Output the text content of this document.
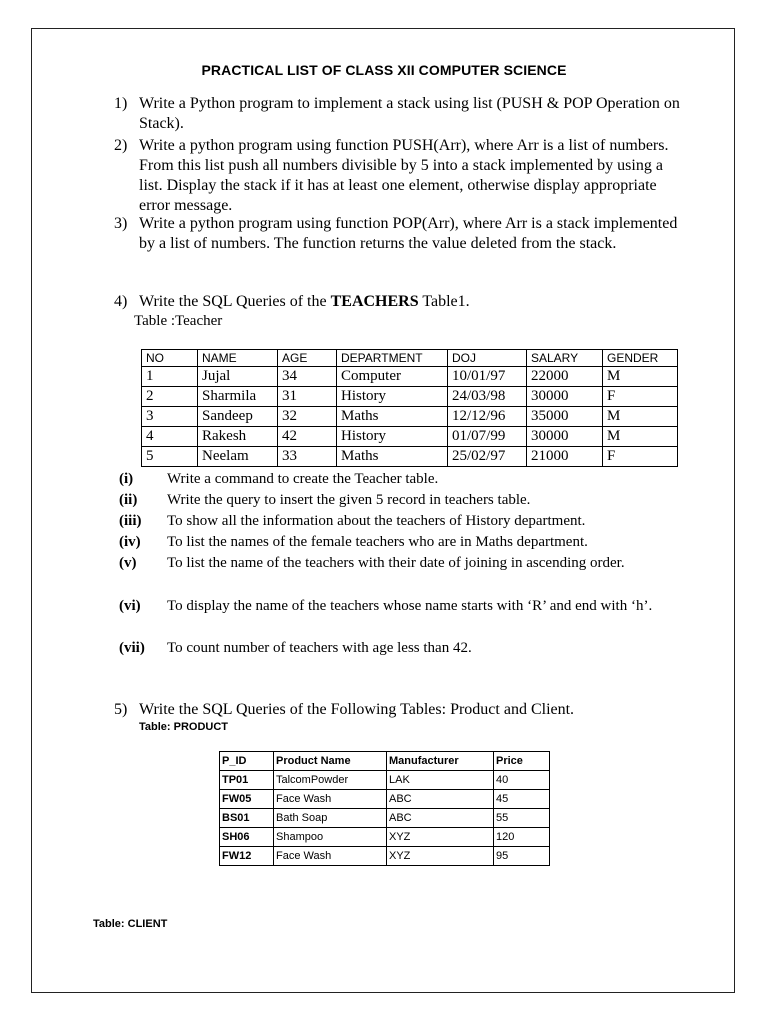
PRACTICAL LIST OF CLASS XII COMPUTER SCIENCE
1) Write a Python program to implement a stack using list (PUSH & POP Operation on Stack).
2) Write a python program using function PUSH(Arr), where Arr is a list of numbers. From this list push all numbers divisible by 5 into a stack implemented by using a list. Display the stack if it has at least one element, otherwise display appropriate error message.
3) Write a python program using function POP(Arr), where Arr is a stack implemented by a list of numbers. The function returns the value deleted from the stack.
4) Write the SQL Queries of the TEACHERS Table1.
Table :Teacher
NO	NAME	AGE	DEPARTMENT	DOJ	SALARY	GENDER
1	Jujal	34	Computer	10/01/97	22000	M
2	Sharmila	31	History	24/03/98	30000	F
3	Sandeep	32	Maths	12/12/96	35000	M
4	Rakesh	42	History	01/07/99	30000	M
5	Neelam	33	Maths	25/02/97	21000	F
(i) Write a command to create the Teacher table.
(ii) Write the query to insert the given 5 record in teachers table.
(iii) To show all the information about the teachers of History department.
(iv) To list the names of the female teachers who are in Maths department.
(v) To list the name of the teachers with their date of joining in ascending order.
(vi) To display the name of the teachers whose name starts with ‘R’ and end with ‘h’.
(vii) To count number of teachers with age less than 42.
5) Write the SQL Queries of the Following Tables: Product and Client.
Table: PRODUCT
P_ID	Product Name	Manufacturer	Price
TP01	TalcomPowder	LAK	40
FW05	Face Wash	ABC	45
BS01	Bath Soap	ABC	55
SH06	Shampoo	XYZ	120
FW12	Face Wash	XYZ	95
Table: CLIENT
